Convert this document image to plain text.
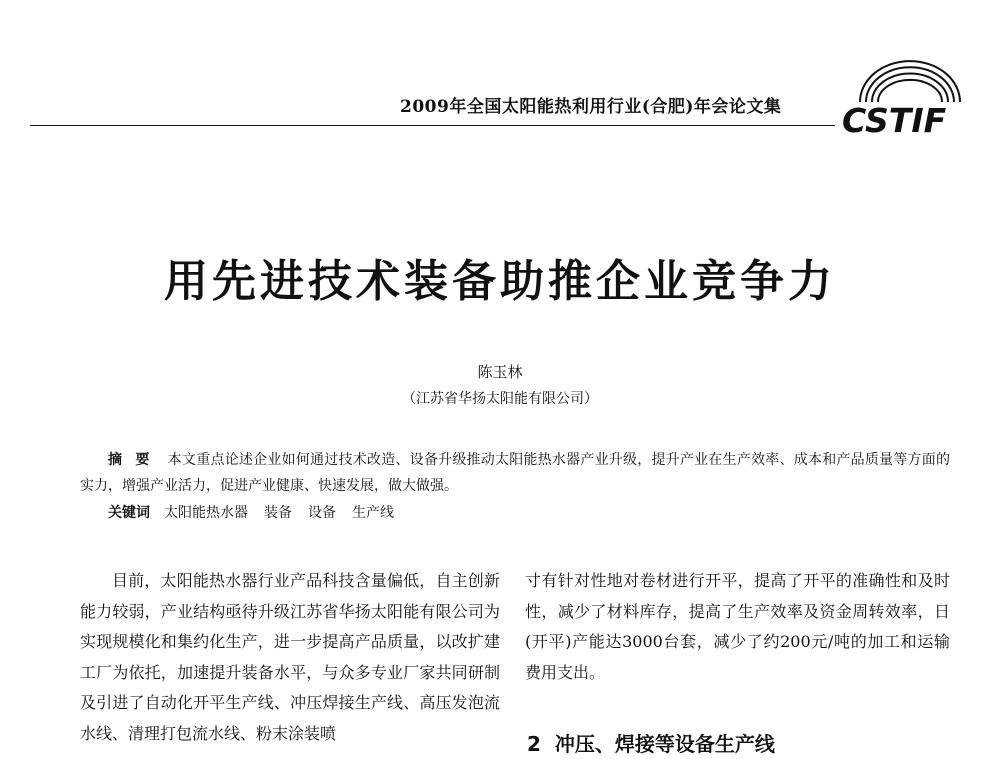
2009年全国太阳能热利用行业(合肥)年会论文集	CSTIF
用先进技术装备助推企业竞争力
陈玉林
（江苏省华扬太阳能有限公司）
摘 要　 本文重点论述企业如何通过技术改造、设备升级推动太阳能热水器产业升级，提升产业在生产效率、成本和产品质量等方面的实力，增强产业活力，促进产业健康、快速发展，做大做强。
关键词 太阳能热水器 装备 设备 生产线
目前，太阳能热水器行业产品科技含量偏低，自主创新能力较弱，产业结构亟待升级江苏省华扬太阳能有限公司为实现规模化和集约化生产，进一步提高产品质量，以改扩建工厂为依托，加速提升装备水平，与众多专业厂家共同研制及引进了自动化开平生产线、冲压焊接生产线、高压发泡流水线、清理打包流水线、粉末涂装喷
寸有针对性地对卷材进行开平，提高了开平的准确性和及时性，减少了材料库存，提高了生产效率及资金周转效率，日(开平)产能达3000台套，减少了约200元/吨的加工和运输费用支出。
2 冲压、焊接等设备生产线
